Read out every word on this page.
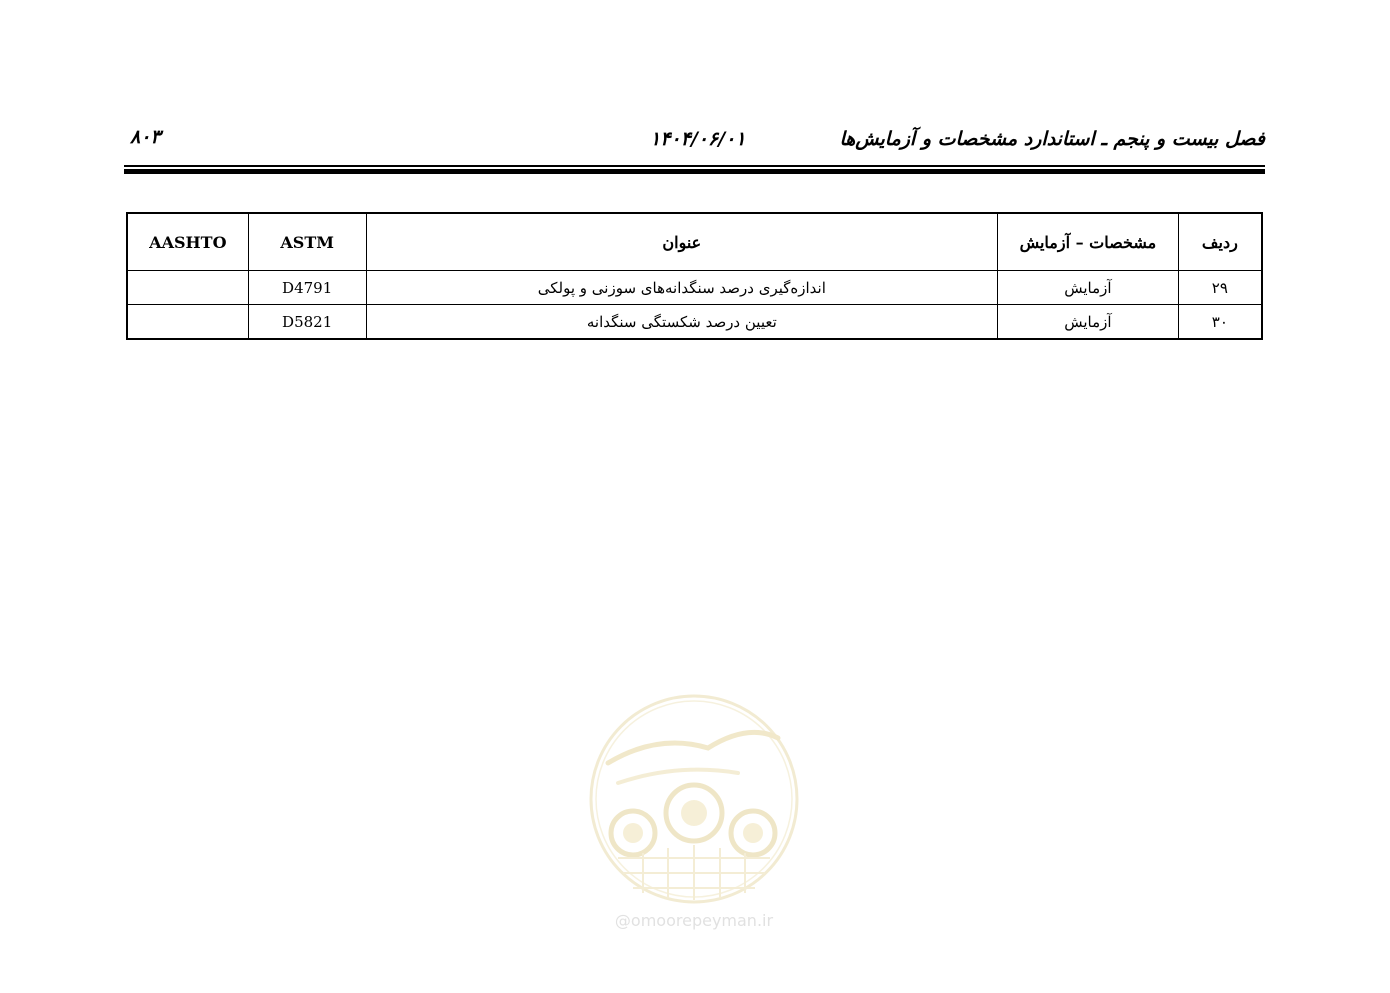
۸۰۳	۱۴۰۴/۰۶/۰۱	فصل بیست و پنجم ـ استاندارد مشخصات و آزمایش‌ها
AASHTO	ASTM	عنوان	مشخصات – آزمایش	ردیف
	D4791	اندازه‌گیری درصد سنگدانه‌های سوزنی و پولکی	آزمایش	۲۹
	D5821	تعیین درصد شکستگی سنگدانه	آزمایش	۳۰
@omoorepeyman.ir
